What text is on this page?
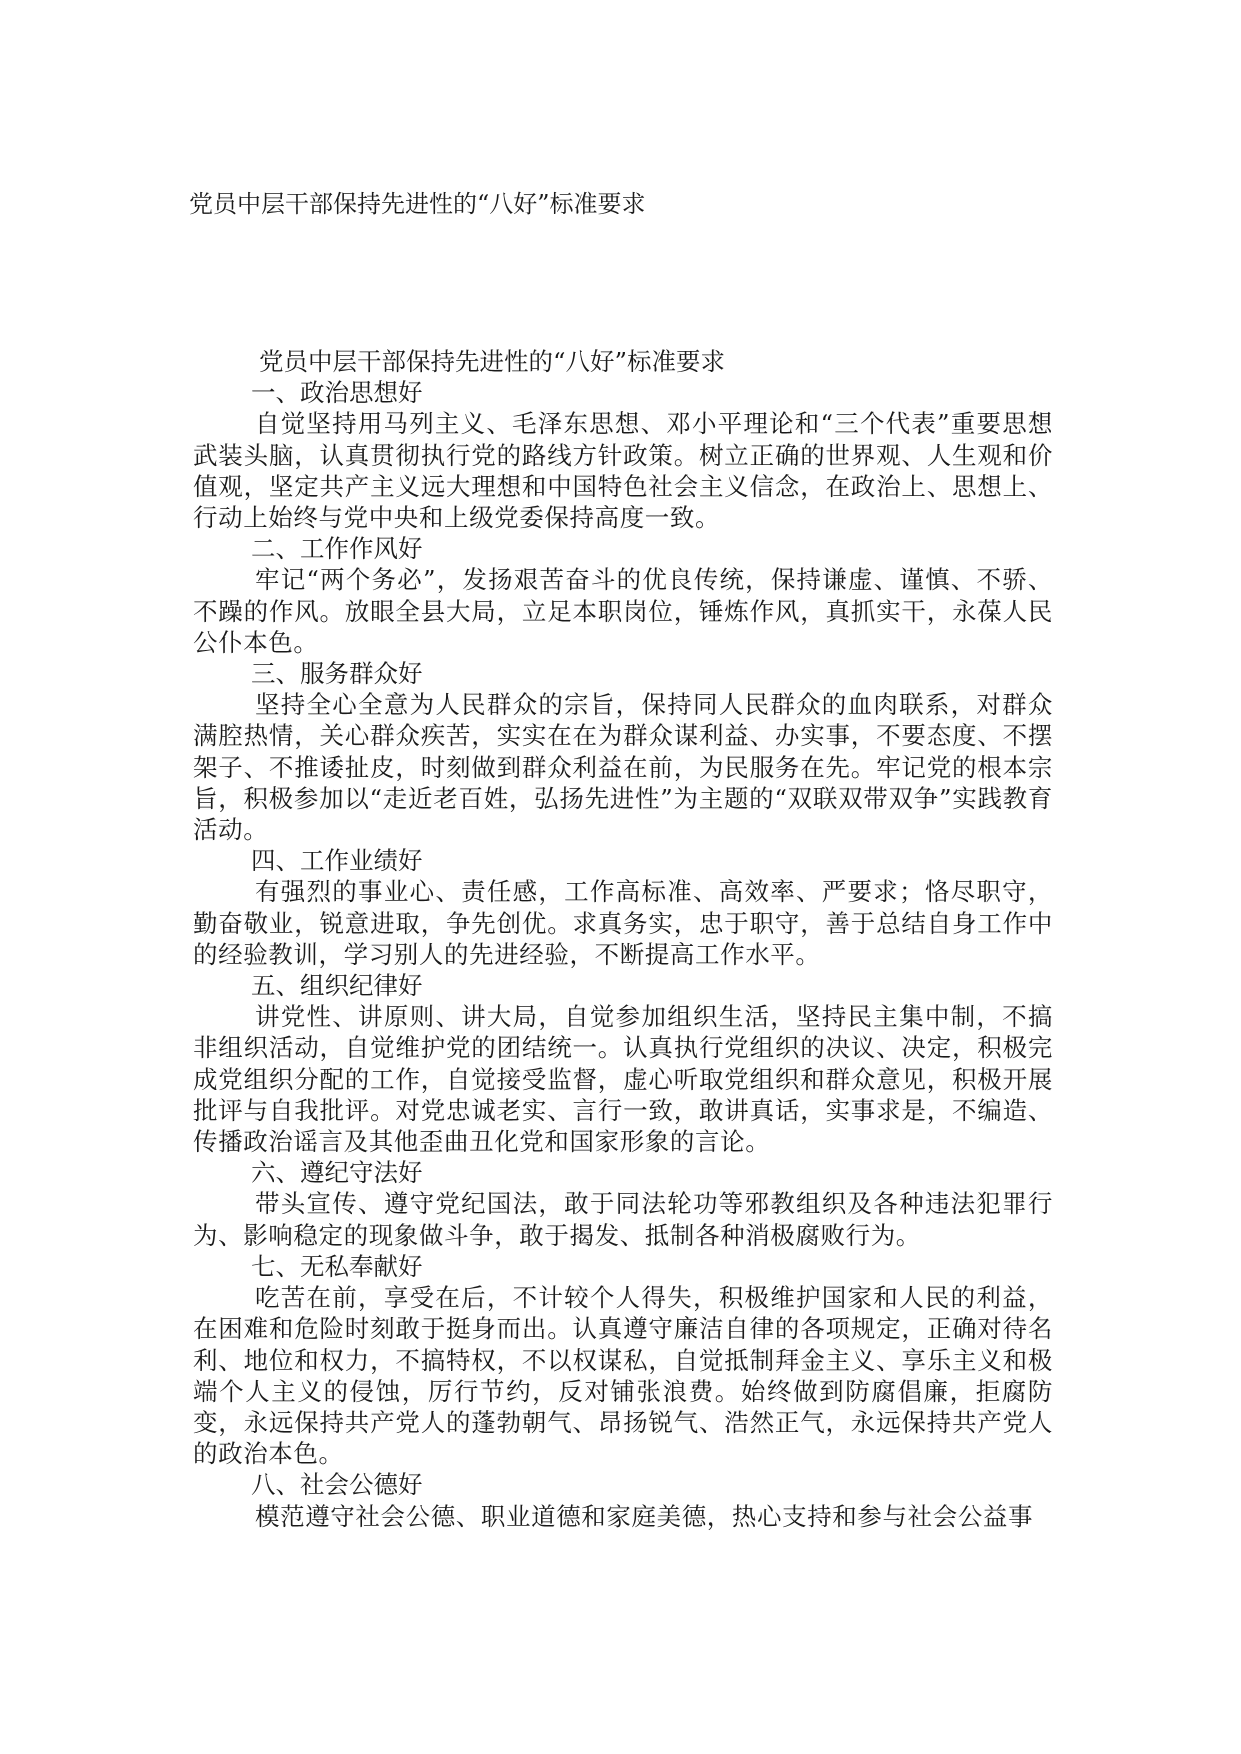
党员中层干部保持先进性的“八好”标准要求

党员中层干部保持先进性的“八好”标准要求

一、政治思想好

自觉坚持用马列主义、毛泽东思想、邓小平理论和“三个代表”重要思想武装头脑，认真贯彻执行党的路线方针政策。树立正确的世界观、人生观和价值观，坚定共产主义远大理想和中国特色社会主义信念，在政治上、思想上、行动上始终与党中央和上级党委保持高度一致。

二、工作作风好

牢记“两个务必”，发扬艰苦奋斗的优良传统，保持谦虚、谨慎、不骄、不躁的作风。放眼全县大局，立足本职岗位，锤炼作风，真抓实干，永葆人民公仆本色。

三、服务群众好

坚持全心全意为人民群众的宗旨，保持同人民群众的血肉联系，对群众满腔热情，关心群众疾苦，实实在在为群众谋利益、办实事，不要态度、不摆架子、不推诿扯皮，时刻做到群众利益在前，为民服务在先。牢记党的根本宗旨，积极参加以“走近老百姓，弘扬先进性”为主题的“双联双带双争”实践教育活动。

四、工作业绩好

有强烈的事业心、责任感，工作高标准、高效率、严要求；恪尽职守，勤奋敬业，锐意进取，争先创优。求真务实，忠于职守，善于总结自身工作中的经验教训，学习别人的先进经验，不断提高工作水平。

五、组织纪律好

讲党性、讲原则、讲大局，自觉参加组织生活，坚持民主集中制，不搞非组织活动，自觉维护党的团结统一。认真执行党组织的决议、决定，积极完成党组织分配的工作，自觉接受监督，虚心听取党组织和群众意见，积极开展批评与自我批评。对党忠诚老实、言行一致，敢讲真话，实事求是，不编造、传播政治谣言及其他歪曲丑化党和国家形象的言论。

六、遵纪守法好

带头宣传、遵守党纪国法，敢于同法轮功等邪教组织及各种违法犯罪行为、影响稳定的现象做斗争，敢于揭发、抵制各种消极腐败行为。

七、无私奉献好

吃苦在前，享受在后，不计较个人得失，积极维护国家和人民的利益，在困难和危险时刻敢于挺身而出。认真遵守廉洁自律的各项规定，正确对待名利、地位和权力，不搞特权，不以权谋私，自觉抵制拜金主义、享乐主义和极端个人主义的侵蚀，厉行节约，反对铺张浪费。始终做到防腐倡廉，拒腐防变，永远保持共产党人的蓬勃朝气、昂扬锐气、浩然正气，永远保持共产党人的政治本色。

八、社会公德好

模范遵守社会公德、职业道德和家庭美德，热心支持和参与社会公益事
